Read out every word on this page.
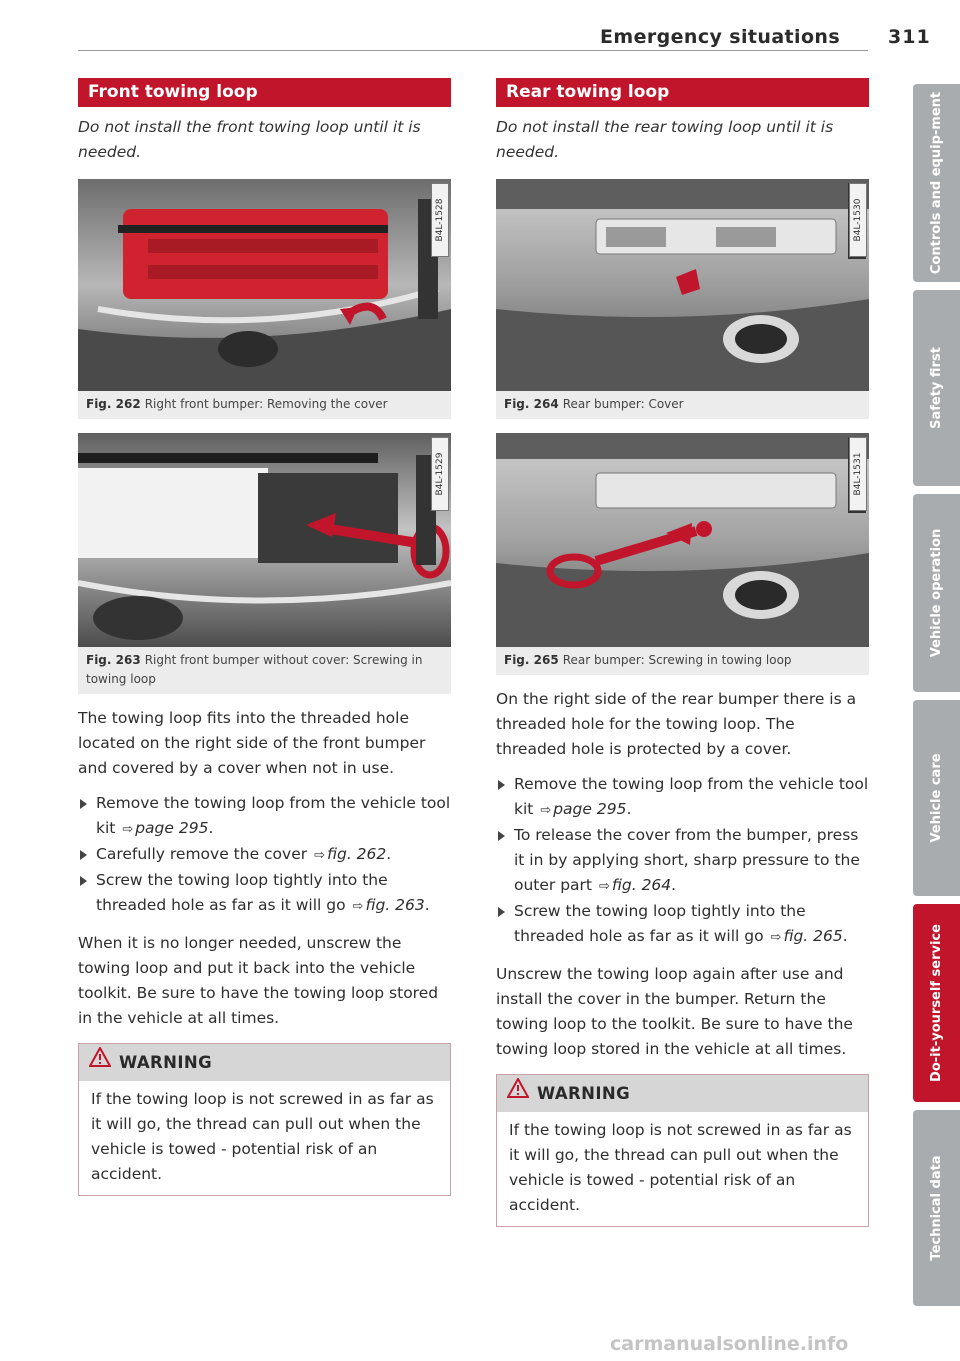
Emergency situations	311
Front towing loop
Do not install the front towing loop until it is needed.
B4L-1528
Fig. 262 Right front bumper: Removing the cover
B4L-1529
Fig. 263 Right front bumper without cover: Screwing in towing loop
The towing loop fits into the threaded hole located on the right side of the front bumper and covered by a cover when not in use.
Remove the towing loop from the vehicle tool kit ⇨ page 295.
Carefully remove the cover ⇨ fig. 262.
Screw the towing loop tightly into the threaded hole as far as it will go ⇨ fig. 263.
When it is no longer needed, unscrew the towing loop and put it back into the vehicle toolkit. Be sure to have the towing loop stored in the vehicle at all times.
WARNING
If the towing loop is not screwed in as far as it will go, the thread can pull out when the vehicle is towed - potential risk of an accident.
Rear towing loop
Do not install the rear towing loop until it is needed.
B4L-1530
Fig. 264 Rear bumper: Cover
B4L-1531
Fig. 265 Rear bumper: Screwing in towing loop
On the right side of the rear bumper there is a threaded hole for the towing loop. The threaded hole is protected by a cover.
Remove the towing loop from the vehicle tool kit ⇨ page 295.
To release the cover from the bumper, press it in by applying short, sharp pressure to the outer part ⇨ fig. 264.
Screw the towing loop tightly into the threaded hole as far as it will go ⇨ fig. 265.
Unscrew the towing loop again after use and install the cover in the bumper. Return the towing loop to the toolkit. Be sure to have the towing loop stored in the vehicle at all times.
WARNING
If the towing loop is not screwed in as far as it will go, the thread can pull out when the vehicle is towed - potential risk of an accident.
Controls and equip-ment
Safety first
Vehicle operation
Vehicle care
Do-it-yourself service
Technical data
carmanualsonline.info
